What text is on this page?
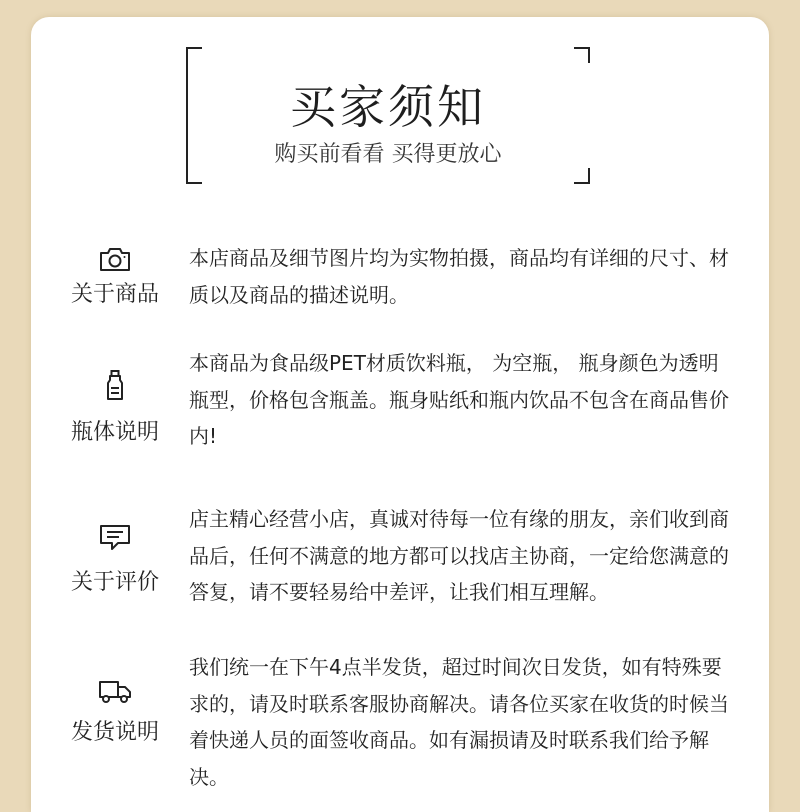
买家须知
购买前看看 买得更放心
关于商品
本店商品及细节图片均为实物拍摄，商品均有详细的尺寸、材质以及商品的描述说明。
瓶体说明
本商品为食品级PET材质饮料瓶， 为空瓶， 瓶身颜色为透明瓶型，价格包含瓶盖。瓶身贴纸和瓶内饮品不包含在商品售价内!
关于评价
店主精心经营小店，真诚对待每一位有缘的朋友，亲们收到商品后，任何不满意的地方都可以找店主协商，一定给您满意的答复，请不要轻易给中差评，让我们相互理解。
发货说明
我们统一在下午4点半发货，超过时间次日发货，如有特殊要求的，请及时联系客服协商解决。请各位买家在收货的时候当着快递人员的面签收商品。如有漏损请及时联系我们给予解决。
